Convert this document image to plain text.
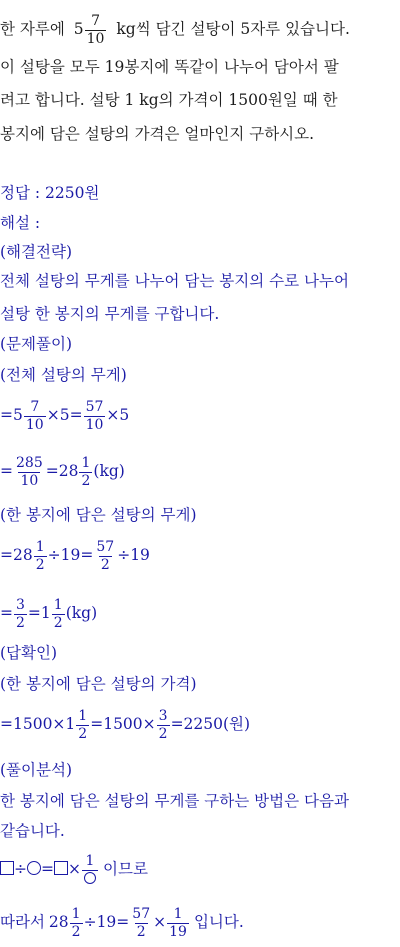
한 자루에 $5 \frac{7}{10}$ kg씩 담긴 설탕이 5자루 있습니다.
이 설탕을 모두 19봉지에 똑같이 나누어 담아서 팔
려고 합니다. 설탕 1 kg의 가격이 1500원일 때 한
봉지에 담은 설탕의 가격은 얼마인지 구하시오.
정답 : 2250원
해설 :
(해결전략)
전체 설탕의 무게를 나누어 담는 봉지의 수로 나누어
설탕 한 봉지의 무게를 구합니다.
(문제풀이)
(전체 설탕의 무게)
$=5 \frac{7}{10} \times 5= \frac{57}{10} \times 5$
= $\frac{285}{10} =28 \frac{1}{2} (kg)$
(한 봉지에 담은 설탕의 무게)
$=28 \frac{1}{2} \div 19= \frac{57}{2} \div 19$
= $\frac{3}{2} =1 \frac{1}{2} (kg)$
(답확인)
(한 봉지에 담은 설탕의 가격)
$=1500\times 1 \frac{1}{2} =1500\times \frac{3}{2} =2250$(원)
(풀이분석)
한 봉지에 담은 설탕의 무게를 구하는 방법은 다음과
같습니다.
÷ = × 1 이므로
따라서 $28 \frac{1}{2} \div 19= \frac{57}{2} \times \frac{1}{19}$ 입니다.
